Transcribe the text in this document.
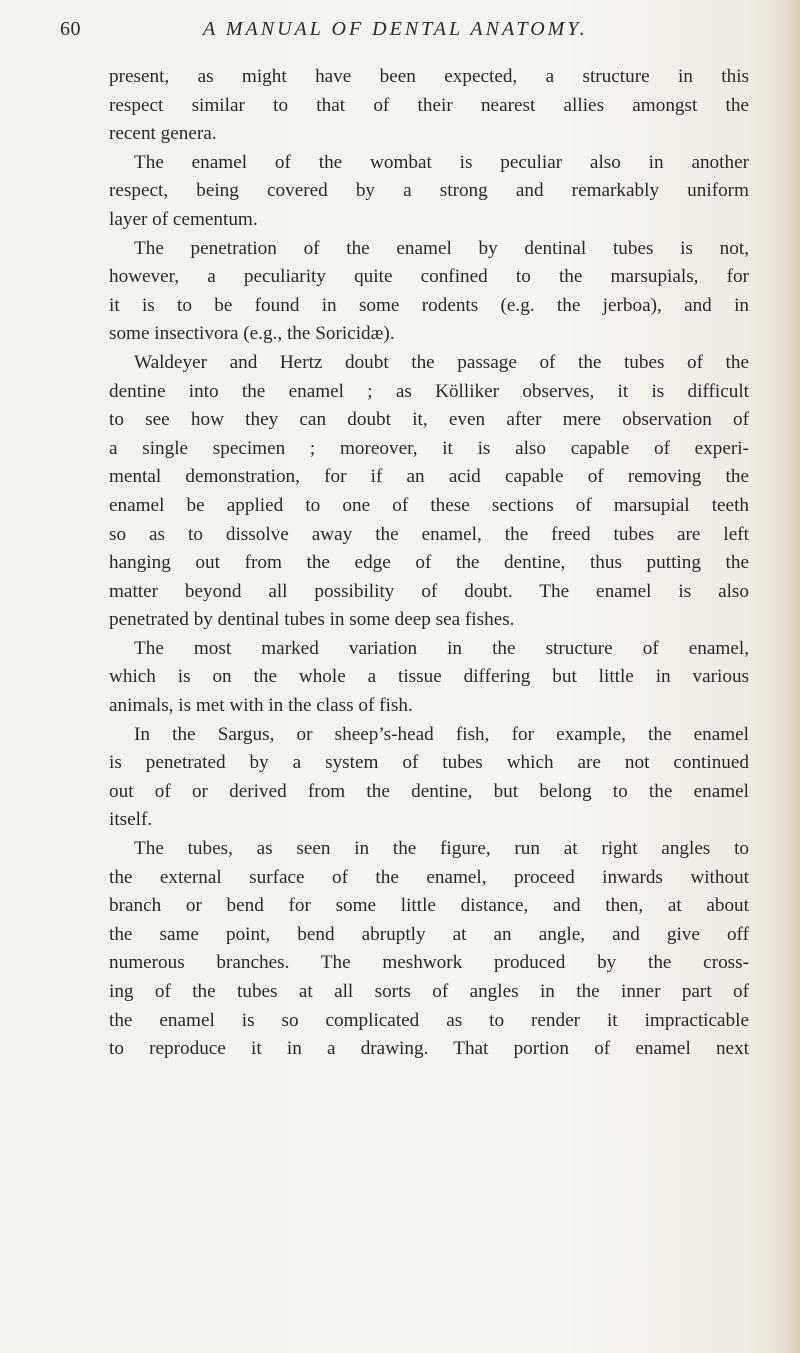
60	A MANUAL OF DENTAL ANATOMY.
present, as might have been expected, a structure in this
respect similar to that of their nearest allies amongst the
recent genera.
The enamel of the wombat is peculiar also in another
respect, being covered by a strong and remarkably uniform
layer of cementum.
The penetration of the enamel by dentinal tubes is not,
however, a peculiarity quite confined to the marsupials, for
it is to be found in some rodents (e.g. the jerboa), and in
some insectivora (e.g., the Soricidæ).
Waldeyer and Hertz doubt the passage of the tubes of the
dentine into the enamel ; as Kölliker observes, it is difficult
to see how they can doubt it, even after mere observation of
a single specimen ; moreover, it is also capable of experi-
mental demonstration, for if an acid capable of removing the
enamel be applied to one of these sections of marsupial teeth
so as to dissolve away the enamel, the freed tubes are left
hanging out from the edge of the dentine, thus putting the
matter beyond all possibility of doubt. The enamel is also
penetrated by dentinal tubes in some deep sea fishes.
The most marked variation in the structure of enamel,
which is on the whole a tissue differing but little in various
animals, is met with in the class of fish.
In the Sargus, or sheep’s-head fish, for example, the enamel
is penetrated by a system of tubes which are not continued
out of or derived from the dentine, but belong to the enamel
itself.
The tubes, as seen in the figure, run at right angles to
the external surface of the enamel, proceed inwards without
branch or bend for some little distance, and then, at about
the same point, bend abruptly at an angle, and give off
numerous branches. The meshwork produced by the cross-
ing of the tubes at all sorts of angles in the inner part of
the enamel is so complicated as to render it impracticable
to reproduce it in a drawing. That portion of enamel next
